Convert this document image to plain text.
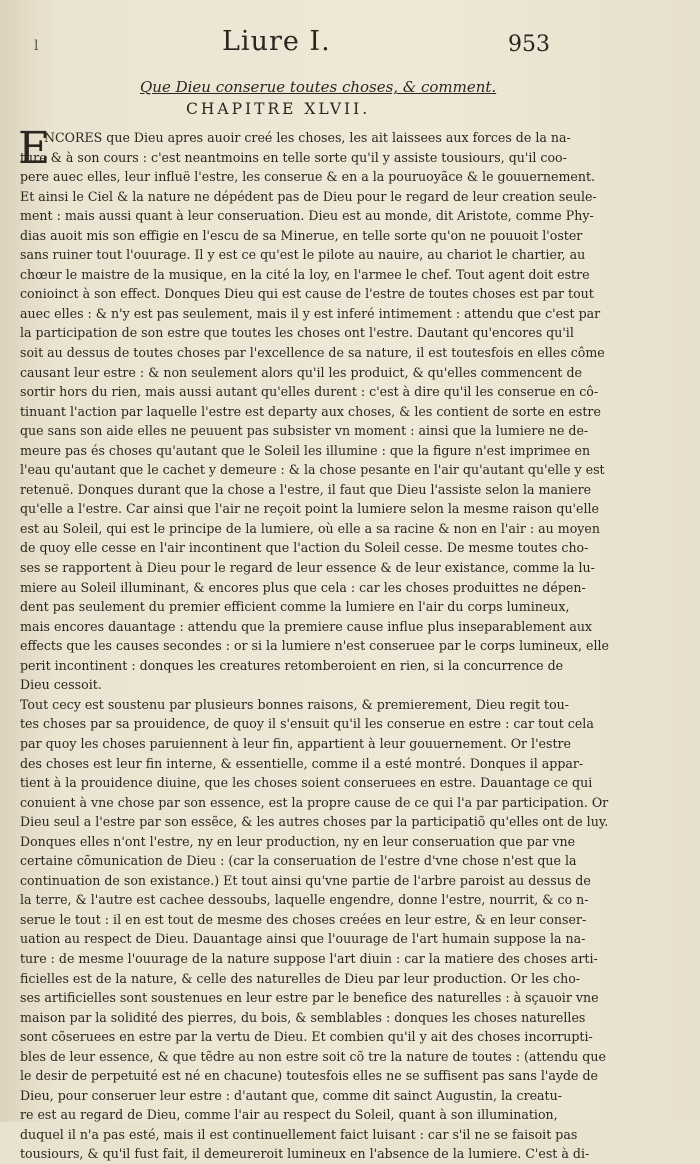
l	Liure I.	953
Que Dieu conserue toutes choses, & comment.
CHAPITRE XLVII.
E
NCORES que Dieu apres auoir creé les choses, les ait laissees aux forces de la na-
ture & à son cours : c'est neantmoins en telle sorte qu'il y assiste tousiours, qu'il coo-
pere auec elles, leur influë l'estre, les conserue & en a la pouruoyãce & le gouuernement.
Et ainsi le Ciel & la nature ne dépédent pas de Dieu pour le regard de leur creation seule-
ment : mais aussi quant à leur conseruation. Dieu est au monde, dit Aristote, comme Phy-
dias auoit mis son effigie en l'escu de sa Minerue, en telle sorte qu'on ne pouuoit l'oster
sans ruiner tout l'ouurage. Il y est ce qu'est le pilote au nauire, au chariot le chartier, au
chœur le maistre de la musique, en la cité la loy, en l'armee le chef. Tout agent doit estre
conioinct à son effect. Donques Dieu qui est cause de l'estre de toutes choses est par tout
auec elles : & n'y est pas seulement, mais il y est inferé intimement : attendu que c'est par
la participation de son estre que toutes les choses ont l'estre. Dautant qu'encores qu'il
soit au dessus de toutes choses par l'excellence de sa nature, il est toutesfois en elles côme
causant leur estre : & non seulement alors qu'il les produict, & qu'elles commencent de
sortir hors du rien, mais aussi autant qu'elles durent : c'est à dire qu'il les conserue en cô-
tinuant l'action par laquelle l'estre est departy aux choses, & les contient de sorte en estre
que sans son aide elles ne peuuent pas subsister vn moment : ainsi que la lumiere ne de-
meure pas és choses qu'autant que le Soleil les illumine : que la figure n'est imprimee en
l'eau qu'autant que le cachet y demeure : & la chose pesante en l'air qu'autant qu'elle y est
retenuë. Donques durant que la chose a l'estre, il faut que Dieu l'assiste selon la maniere
qu'elle a l'estre. Car ainsi que l'air ne reçoit point la lumiere selon la mesme raison qu'elle
est au Soleil, qui est le principe de la lumiere, où elle a sa racine & non en l'air : au moyen
de quoy elle cesse en l'air incontinent que l'action du Soleil cesse. De mesme toutes cho-
ses se rapportent à Dieu pour le regard de leur essence & de leur existance, comme la lu-
miere au Soleil illuminant, & encores plus que cela : car les choses produittes ne dépen-
dent pas seulement du premier efficient comme la lumiere en l'air du corps lumineux,
mais encores dauantage : attendu que la premiere cause influe plus inseparablement aux
effects que les causes secondes : or si la lumiere n'est conseruee par le corps lumineux, elle
perit incontinent : donques les creatures retomberoient en rien, si la concurrence de
Dieu cessoit.
Tout cecy est soustenu par plusieurs bonnes raisons, & premierement, Dieu regit tou-
tes choses par sa prouidence, de quoy il s'ensuit qu'il les conserue en estre : car tout cela
par quoy les choses paruiennent à leur fin, appartient à leur gouuernement. Or l'estre
des choses est leur fin interne, & essentielle, comme il a esté montré. Donques il appar-
tient à la prouidence diuine, que les choses soient conseruees en estre. Dauantage ce qui
conuient à vne chose par son essence, est la propre cause de ce qui l'a par participation. Or
Dieu seul a l'estre par son essẽce, & les autres choses par la participatiõ qu'elles ont de luy.
Donques elles n'ont l'estre, ny en leur production, ny en leur conseruation que par vne
certaine cõmunication de Dieu : (car la conseruation de l'estre d'vne chose n'est que la
continuation de son existance.) Et tout ainsi qu'vne partie de l'arbre paroist au dessus de
la terre, & l'autre est cachee dessoubs, laquelle engendre, donne l'estre, nourrit, & co n-
serue le tout : il en est tout de mesme des choses creées en leur estre, & en leur conser-
uation au respect de Dieu. Dauantage ainsi que l'ouurage de l'art humain suppose la na-
ture : de mesme l'ouurage de la nature suppose l'art diuin : car la matiere des choses arti-
ficielles est de la nature, & celle des naturelles de Dieu par leur production. Or les cho-
ses artificielles sont soustenues en leur estre par le benefice des naturelles : à sçauoir vne
maison par la solidité des pierres, du bois, & semblables : donques les choses naturelles
sont cõseruees en estre par la vertu de Dieu. Et combien qu'il y ait des choses incorrupti-
bles de leur essence, & que tẽdre au non estre soit cõ tre la nature de toutes : (attendu que
le desir de perpetuité est né en chacune) toutesfois elles ne se suffisent pas sans l'ayde de
Dieu, pour conseruer leur estre : d'autant que, comme dit sainct Augustin, la creatu-
re est au regard de Dieu, comme l'air au respect du Soleil, quant à son illumination,
duquel il n'a pas esté, mais il est continuellement faict luisant : car s'il ne se faisoit pas
tousiours, & qu'il fust fait, il demeureroit lumineux en l'absence de la lumiere. C'est à di-
